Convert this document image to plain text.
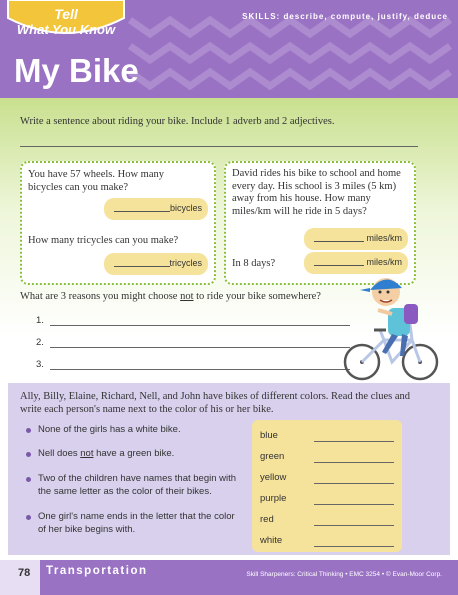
Tell
What You Know
SKILLS: describe, compute, justify, deduce
My Bike
Write a sentence about riding your bike. Include 1 adverb and 2 adjectives.
You have 57 wheels. How many bicycles can you make?
bicycles
How many tricycles can you make?
tricycles
David rides his bike to school and home every day. His school is 3 miles (5 km) away from his house. How many miles/km will he ride in 5 days?
miles/km
In 8 days?	miles/km
What are 3 reasons you might choose not to ride your bike somewhere?
1.
2.
3.
Ally, Billy, Elaine, Richard, Nell, and John have bikes of different colors. Read the clues and write each person's name next to the color of his or her bike.
None of the girls has a white bike.
Nell does not have a green bike.
Two of the children have names that begin with the same letter as the color of their bikes.
One girl's name ends in the letter that the color of her bike begins with.
blue
green
yellow
purple
red
white
78 Transportation	Skill Sharpeners: Critical Thinking • EMC 3254 • © Evan-Moor Corp.
